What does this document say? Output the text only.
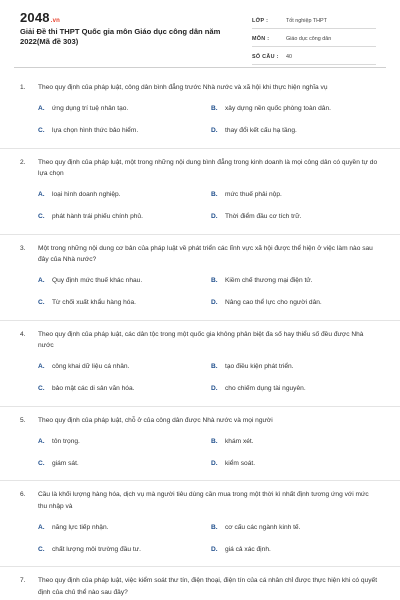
2048.vn
Giải Đề thi THPT Quốc gia môn Giáo dục công dân năm 2022(Mã đề 303)
LỚP :	Tốt nghiệp THPT
MÔN :	Giáo dục công dân
SỐ CÂU :	40
1.	Theo quy định của pháp luật, công dân bình đẳng trước Nhà nước và xã hội khi thực hiện nghĩa vụ
A.	ứng dụng trí tuệ nhân tạo.	B.	xây dựng nền quốc phòng toàn dân.
C.	lựa chọn hình thức bảo hiểm.	D.	thay đổi kết cấu hạ tầng.
2.	Theo quy định của pháp luật, một trong những nội dung bình đẳng trong kinh doanh là mọi công dân có quyền tự do lựa chọn
A.	loại hình doanh nghiệp.	B.	mức thuế phải nộp.
C.	phát hành trái phiếu chính phủ.	D.	Thời điểm đầu cơ tích trữ.
3.	Một trong những nội dung cơ bản của pháp luật về phát triển các lĩnh vực xã hội được thể hiện ở việc làm nào sau đây của Nhà nước?
A.	Quy định mức thuế khác nhau.	B.	Kiềm chế thương mại điện tử.
C.	Từ chối xuất khẩu hàng hóa.	D.	Nâng cao thể lực cho người dân.
4.	Theo quy định của pháp luật, các dân tộc trong một quốc gia không phân biệt đa số hay thiểu số đều được Nhà nước
A.	công khai dữ liệu cá nhân.	B.	tạo điều kiện phát triển.
C.	bảo mật các di sản văn hóa.	D.	cho chiếm dụng tài nguyên.
5.	Theo quy định của pháp luật, chỗ ở của công dân được Nhà nước và mọi người
A.	tôn trọng.	B.	khám xét.
C.	giám sát.	D.	kiểm soát.
6.	Cầu là khối lượng hàng hóa, dịch vụ mà người tiêu dùng cần mua trong một thời kì nhất định tương ứng với mức thu nhập và
A.	năng lực tiếp nhận.	B.	cơ cấu các ngành kinh tế.
C.	chất lượng môi trường đầu tư.	D.	giá cả xác định.
7.	Theo quy định của pháp luật, việc kiểm soát thư tín, điện thoại, điện tín của cá nhân chỉ được thực hiện khi có quyết định của chủ thể nào sau đây?
